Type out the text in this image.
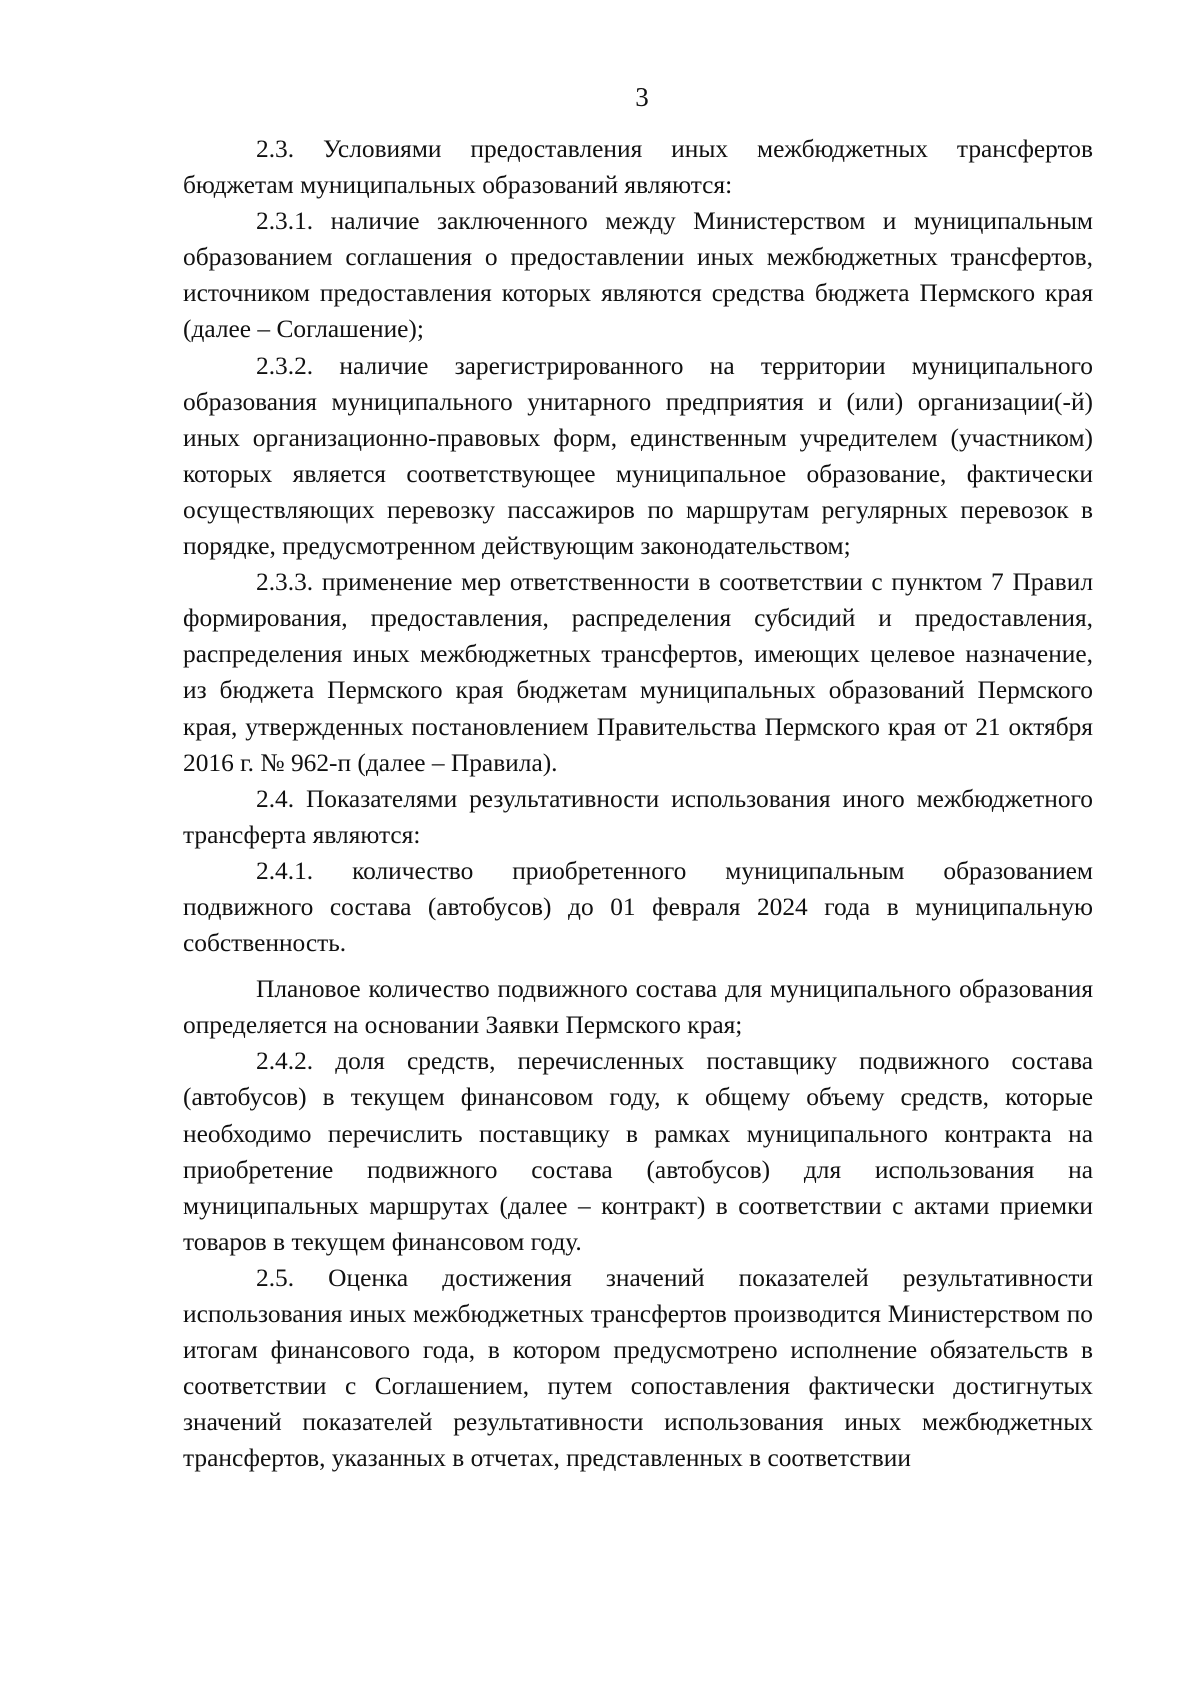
3

2.3. Условиями предоставления иных межбюджетных трансфертов бюджетам муниципальных образований являются:

2.3.1. наличие заключенного между Министерством и муниципальным образованием соглашения о предоставлении иных межбюджетных трансфертов, источником предоставления которых являются средства бюджета Пермского края (далее – Соглашение);

2.3.2. наличие зарегистрированного на территории муниципального образования муниципального унитарного предприятия и (или) организации(-й) иных организационно-правовых форм, единственным учредителем (участником) которых является соответствующее муниципальное образование, фактически осуществляющих перевозку пассажиров по маршрутам регулярных перевозок в порядке, предусмотренном действующим законодательством;

2.3.3. применение мер ответственности в соответствии с пунктом 7 Правил формирования, предоставления, распределения субсидий и предоставления, распределения иных межбюджетных трансфертов, имеющих целевое назначение, из бюджета Пермского края бюджетам муниципальных образований Пермского края, утвержденных постановлением Правительства Пермского края от 21 октября 2016 г. № 962-п (далее – Правила).

2.4. Показателями результативности использования иного межбюджетного трансферта являются:

2.4.1. количество приобретенного муниципальным образованием подвижного состава (автобусов) до 01 февраля 2024 года в муниципальную собственность.

Плановое количество подвижного состава для муниципального образования определяется на основании Заявки Пермского края;

2.4.2. доля средств, перечисленных поставщику подвижного состава (автобусов) в текущем финансовом году, к общему объему средств, которые необходимо перечислить поставщику в рамках муниципального контракта на приобретение подвижного состава (автобусов) для использования на муниципальных маршрутах (далее – контракт) в соответствии с актами приемки товаров в текущем финансовом году.

2.5. Оценка достижения значений показателей результативности использования иных межбюджетных трансфертов производится Министерством по итогам финансового года, в котором предусмотрено исполнение обязательств в соответствии с Соглашением, путем сопоставления фактически достигнутых значений показателей результативности использования иных межбюджетных трансфертов, указанных в отчетах, представленных в соответствии
